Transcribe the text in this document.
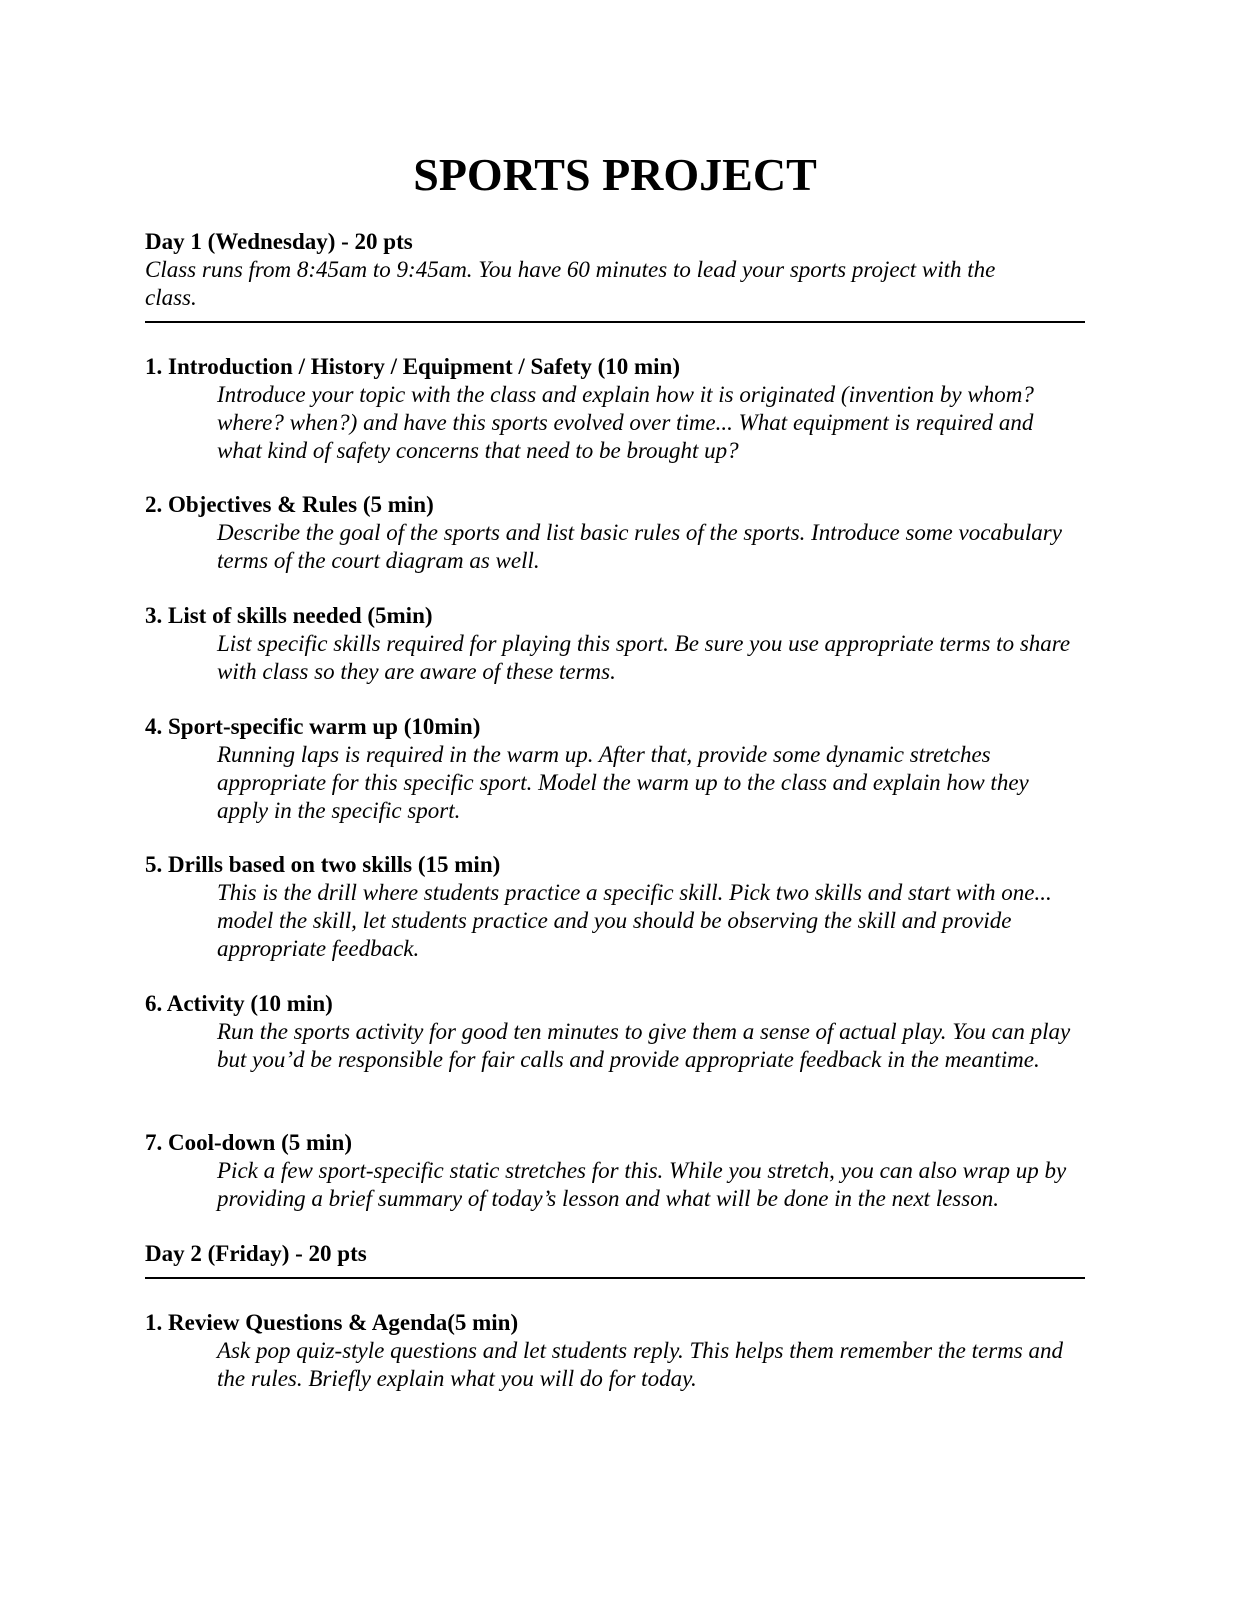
SPORTS PROJECT

Day 1 (Wednesday) - 20 pts

Class runs from 8:45am to 9:45am. You have 60 minutes to lead your sports project with the class.

1. Introduction / History / Equipment / Safety (10 min)

Introduce your topic with the class and explain how it is originated (invention by whom? where? when?) and have this sports evolved over time... What equipment is required and what kind of safety concerns that need to be brought up?

2. Objectives & Rules (5 min)

Describe the goal of the sports and list basic rules of the sports. Introduce some vocabulary terms of the court diagram as well.

3. List of skills needed (5min)

List specific skills required for playing this sport. Be sure you use appropriate terms to share with class so they are aware of these terms.

4. Sport-specific warm up (10min)

Running laps is required in the warm up. After that, provide some dynamic stretches appropriate for this specific sport. Model the warm up to the class and explain how they apply in the specific sport.

5. Drills based on two skills (15 min)

This is the drill where students practice a specific skill. Pick two skills and start with one... model the skill, let students practice and you should be observing the skill and provide appropriate feedback.

6. Activity (10 min)

Run the sports activity for good ten minutes to give them a sense of actual play. You can play but you’d be responsible for fair calls and provide appropriate feedback in the meantime.

7. Cool-down (5 min)

Pick a few sport-specific static stretches for this. While you stretch, you can also wrap up by providing a brief summary of today’s lesson and what will be done in the next lesson.

Day 2 (Friday) - 20 pts

1. Review Questions & Agenda(5 min)

Ask pop quiz-style questions and let students reply. This helps them remember the terms and the rules. Briefly explain what you will do for today.
